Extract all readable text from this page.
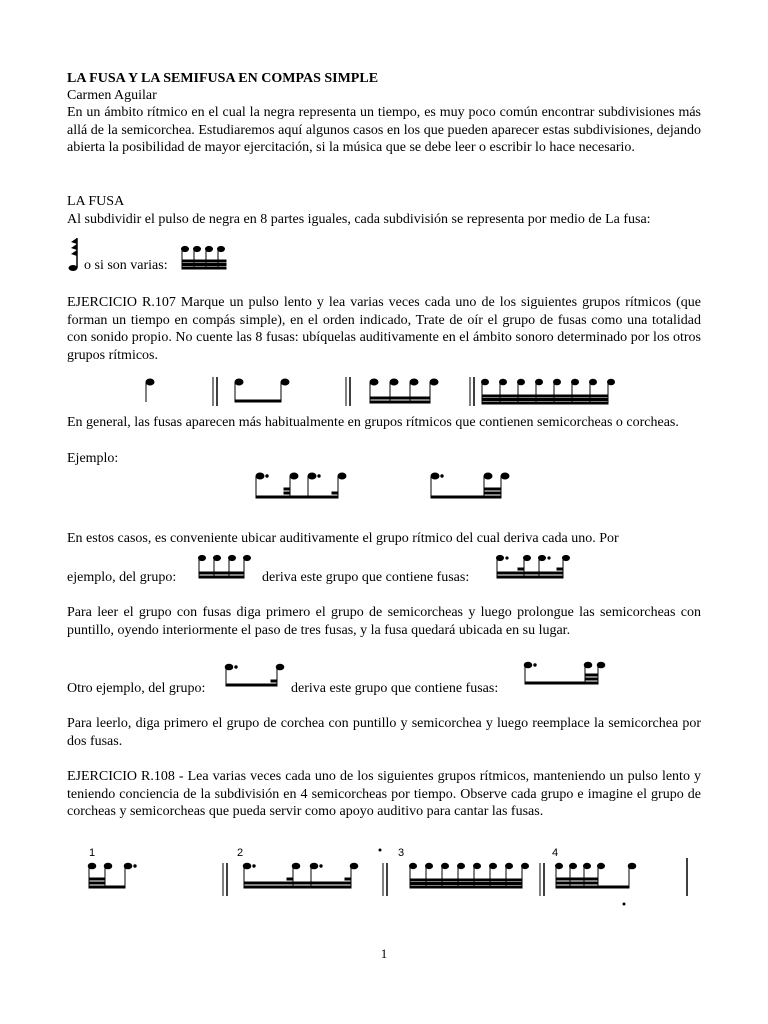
LA FUSA Y LA SEMIFUSA EN COMPAS SIMPLE
Carmen Aguilar

En un ámbito rítmico en el cual la negra representa un tiempo, es muy poco común encontrar subdivisiones más allá de la semicorchea. Estudiaremos aquí algunos casos en los que pueden aparecer estas subdivisiones, dejando abierta la posibilidad de mayor ejercitación, si la música que se debe leer o escribir lo hace necesario.

LA FUSA
Al subdividir el pulso de negra en 8 partes iguales, cada subdivisión se representa por medio de La fusa:
o si son varias:

EJERCICIO R.107 Marque un pulso lento y lea varias veces cada uno de los siguientes grupos rítmicos (que forman un tiempo en compás simple), en el orden indicado, Trate de oír el grupo de fusas como una totalidad con sonido propio. No cuente las 8 fusas: ubíquelas auditivamente en el ámbito sonoro determinado por los otros grupos rítmicos.

En general, las fusas aparecen más habitualmente en grupos rítmicos que contienen semicorcheas o corcheas.

Ejemplo:
En estos casos, es conveniente ubicar auditivamente el grupo rítmico del cual deriva cada uno. Por
ejemplo, del grupo:	deriva este grupo que contiene fusas:

Para leer el grupo con fusas diga primero el grupo de semicorcheas y luego prolongue las semicorcheas con puntillo, oyendo interiormente el paso de tres fusas, y la fusa quedará ubicada en su lugar.

Otro ejemplo, del grupo:	deriva este grupo que contiene fusas:

Para leerlo, diga primero el grupo de corchea con puntillo y semicorchea y luego reemplace la semicorchea por dos fusas.

EJERCICIO R.108 - Lea varias veces cada uno de los siguientes grupos rítmicos, manteniendo un pulso lento y teniendo conciencia de la subdivisión en 4 semicorcheas por tiempo. Observe cada grupo e imagine el grupo de corcheas y semicorcheas que pueda servir como apoyo auditivo para cantar las fusas.

1	2	3	4
1
